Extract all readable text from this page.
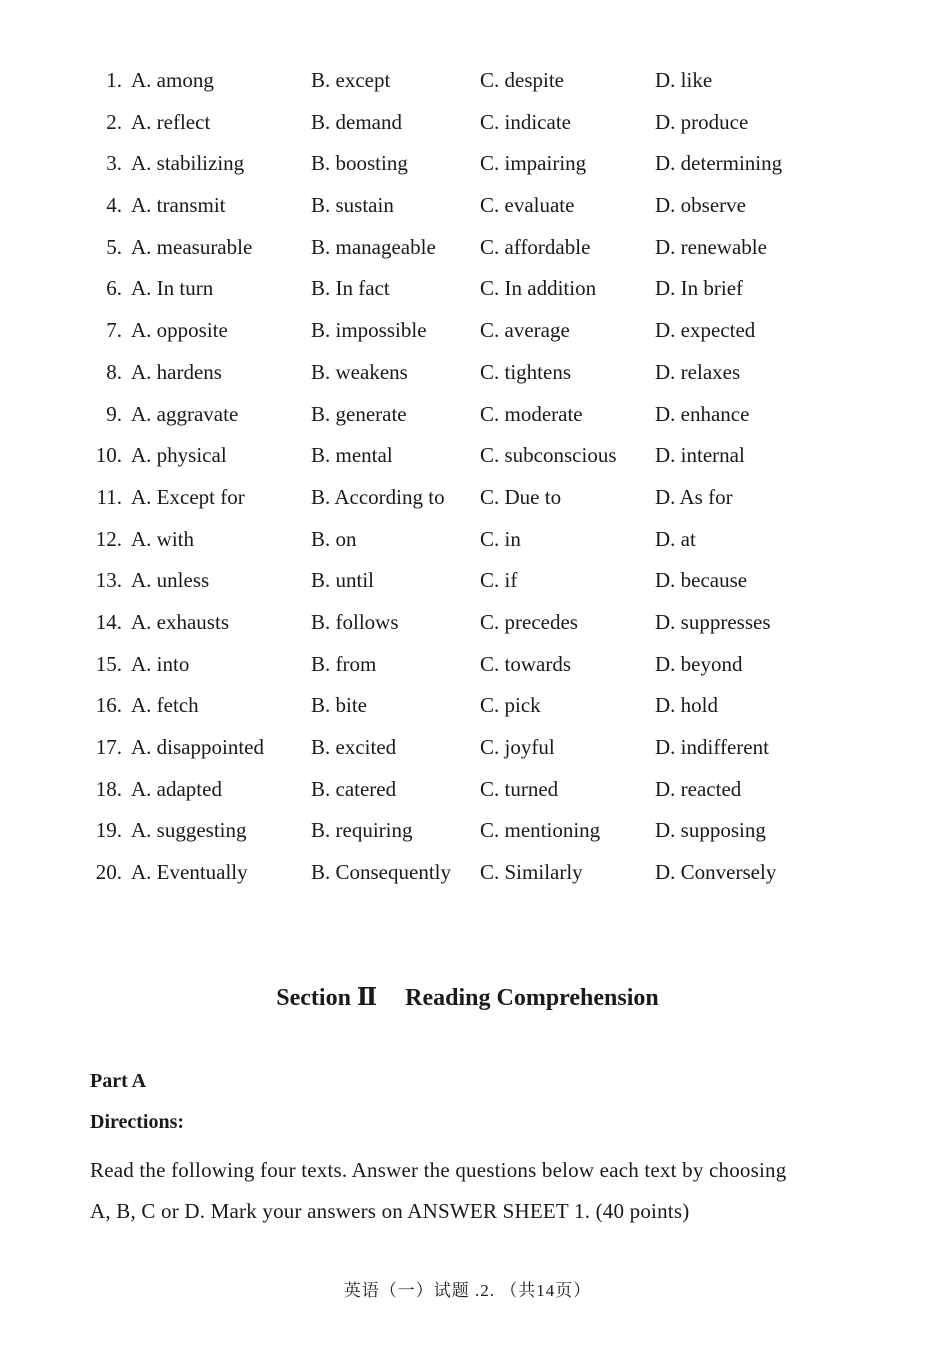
1. A. among	B. except	C. despite	D. like
2. A. reflect	B. demand	C. indicate	D. produce
3. A. stabilizing	B. boosting	C. impairing	D. determining
4. A. transmit	B. sustain	C. evaluate	D. observe
5. A. measurable	B. manageable C. affordable	D. renewable
6. A. In turn	B. In fact	C. In addition	D. In brief
7. A. opposite	B. impossible	C. average	D. expected
8. A. hardens	B. weakens	C. tightens	D. relaxes
9. A. aggravate	B. generate	C. moderate	D. enhance
10. A. physical	B. mental	C. subconscious D. internal
11. A. Except for	B. According to C. Due to	D. As for
12. A. with	B. on	C. in	D. at
13. A. unless	B. until	C. if	D. because
14. A. exhausts	B. follows	C. precedes	D. suppresses
15. A. into	B. from	C. towards	D. beyond
16. A. fetch	B. bite	C. pick	D. hold
17. A. disappointed B. excited	C. joyful	D. indifferent
18. A. adapted	B. catered	C. turned	D. reacted
19. A. suggesting	B. requiring	C. mentioning	D. supposing
20. A. Eventually	B. Consequently C. Similarly	D. Conversely
Section Ⅱ Reading Comprehension
Part A
Directions:
Read the following four texts. Answer the questions below each text by choosing
A, B, C or D. Mark your answers on ANSWER SHEET 1. (40 points)
英语（一）试题 .2. （共14页）
